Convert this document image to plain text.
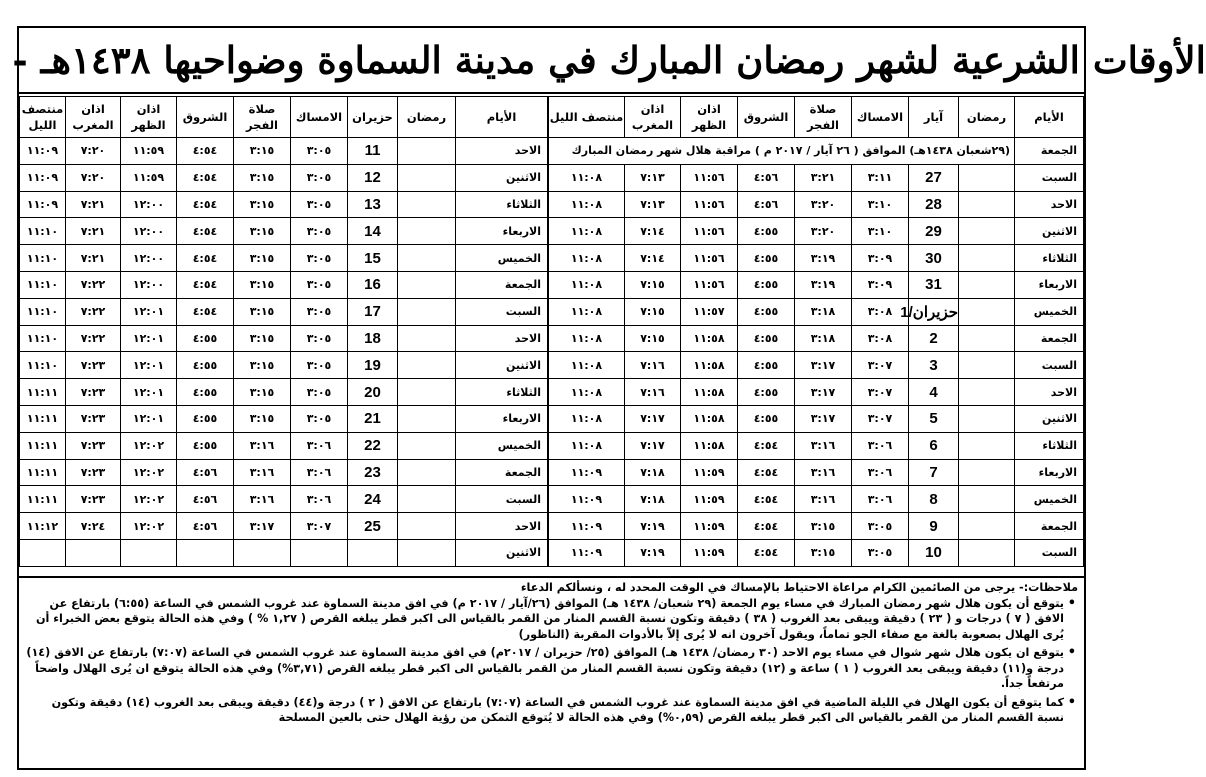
الأوقات الشرعية لشهر رمضان المبارك في مدينة السماوة وضواحيها ١٤٣٨هـ -
الأيام	رمضان	آيار	الامساك	صلاة الفجر	الشروق	اذان الظهر	اذان المغرب	منتصف الليل
الجمعة	(٢٩شعبان ١٤٣٨هـ) الموافق ( ٢٦ آيار / ٢٠١٧ م ) مراقبة هلال شهر رمضان المبارك							
السبت		27	٣:١١	٣:٢١	٤:٥٦	١١:٥٦	٧:١٣	١١:٠٨
الاحد		28	٣:١٠	٣:٢٠	٤:٥٦	١١:٥٦	٧:١٣	١١:٠٨
الاثنين		29	٣:١٠	٣:٢٠	٤:٥٥	١١:٥٦	٧:١٤	١١:٠٨
الثلاثاء		30	٣:٠٩	٣:١٩	٤:٥٥	١١:٥٦	٧:١٤	١١:٠٨
الاربعاء		31	٣:٠٩	٣:١٩	٤:٥٥	١١:٥٦	٧:١٥	١١:٠٨
الخميس		حزيران/1	٣:٠٨	٣:١٨	٤:٥٥	١١:٥٧	٧:١٥	١١:٠٨
الجمعة		2	٣:٠٨	٣:١٨	٤:٥٥	١١:٥٨	٧:١٥	١١:٠٨
السبت		3	٣:٠٧	٣:١٧	٤:٥٥	١١:٥٨	٧:١٦	١١:٠٨
الاحد		4	٣:٠٧	٣:١٧	٤:٥٥	١١:٥٨	٧:١٦	١١:٠٨
الاثنين		5	٣:٠٧	٣:١٧	٤:٥٥	١١:٥٨	٧:١٧	١١:٠٨
الثلاثاء		6	٣:٠٦	٣:١٦	٤:٥٤	١١:٥٨	٧:١٧	١١:٠٨
الاربعاء		7	٣:٠٦	٣:١٦	٤:٥٤	١١:٥٩	٧:١٨	١١:٠٩
الخميس		8	٣:٠٦	٣:١٦	٤:٥٤	١١:٥٩	٧:١٨	١١:٠٩
الجمعة		9	٣:٠٥	٣:١٥	٤:٥٤	١١:٥٩	٧:١٩	١١:٠٩
السبت		10	٣:٠٥	٣:١٥	٤:٥٤	١١:٥٩	٧:١٩	١١:٠٩
الأيام	رمضان	حزيران	الامساك	صلاة الفجر	الشروق	اذان الظهر	اذان المغرب	منتصف الليل
الاحد		11	٣:٠٥	٣:١٥	٤:٥٤	١١:٥٩	٧:٢٠	١١:٠٩
الاثنين		12	٣:٠٥	٣:١٥	٤:٥٤	١١:٥٩	٧:٢٠	١١:٠٩
الثلاثاء		13	٣:٠٥	٣:١٥	٤:٥٤	١٢:٠٠	٧:٢١	١١:٠٩
الاربعاء		14	٣:٠٥	٣:١٥	٤:٥٤	١٢:٠٠	٧:٢١	١١:١٠
الخميس		15	٣:٠٥	٣:١٥	٤:٥٤	١٢:٠٠	٧:٢١	١١:١٠
الجمعة		16	٣:٠٥	٣:١٥	٤:٥٤	١٢:٠٠	٧:٢٢	١١:١٠
السبت		17	٣:٠٥	٣:١٥	٤:٥٤	١٢:٠١	٧:٢٢	١١:١٠
الاحد		18	٣:٠٥	٣:١٥	٤:٥٥	١٢:٠١	٧:٢٢	١١:١٠
الاثنين		19	٣:٠٥	٣:١٥	٤:٥٥	١٢:٠١	٧:٢٣	١١:١٠
الثلاثاء		20	٣:٠٥	٣:١٥	٤:٥٥	١٢:٠١	٧:٢٣	١١:١١
الاربعاء		21	٣:٠٥	٣:١٥	٤:٥٥	١٢:٠١	٧:٢٣	١١:١١
الخميس		22	٣:٠٦	٣:١٦	٤:٥٥	١٢:٠٢	٧:٢٣	١١:١١
الجمعة		23	٣:٠٦	٣:١٦	٤:٥٦	١٢:٠٢	٧:٢٣	١١:١١
السبت		24	٣:٠٦	٣:١٦	٤:٥٦	١٢:٠٢	٧:٢٣	١١:١١
الاحد		25	٣:٠٧	٣:١٧	٤:٥٦	١٢:٠٢	٧:٢٤	١١:١٢
الاثنين								

ملاحظات:- يرجى من الصائمين الكرام مراعاة الاحتياط بالإمساك في الوقت المحدد له ، ونسألكم الدعاء

• يتوقع أن يكون هلال شهر رمضان المبارك في مساء يوم الجمعة (٢٩ شعبان/ ١٤٣٨ هـ) الموافق (٢٦/آيار / ٢٠١٧ م) في افق مدينة السماوة عند غروب الشمس في الساعة (٦:٥٥) بارتفاع عن الافق ( ٧ ) درجات و ( ٢٣ ) دقيقة ويبقى بعد الغروب ( ٣٨ ) دقيقة وتكون نسبة القسم المنار من القمر بالقياس الى اكبر قطر يبلغه القرص ( ١,٢٧ % ) وفي هذه الحالة يتوقع بعض الخبراء أن يُرى الهلال بصعوبة بالغة مع صفاء الجو تماماً، ويقول آخرون انه لا يُرى إلاّ بالأدوات المقربة (الناظور)
• يتوقع ان يكون هلال شهر شوال في مساء يوم الاحد (٣٠ رمضان/ ١٤٣٨ هـ) الموافق (٢٥/ حزيران / ٢٠١٧م) في افق مدينة السماوة عند غروب الشمس في الساعة (٧:٠٧) بارتفاع عن الافق (١٤) درجة و(١١) دقيقة ويبقى بعد الغروب ( ١ ) ساعة و (١٢) دقيقة وتكون نسبة القسم المنار من القمر بالقياس الى اكبر قطر يبلغه القرص (٣,٧١%) وفي هذه الحالة يتوقع ان يُرى الهلال واضحاً مرتفعاً جداً.
• كما يتوقع أن يكون الهلال في الليلة الماضية في افق مدينة السماوة عند غروب الشمس في الساعة (٧:٠٧) بارتفاع عن الافق ( ٢ ) درجة و(٤٤) دقيقة ويبقى بعد الغروب (١٤) دقيقة وتكون نسبة القسم المنار من القمر بالقياس الى اكبر قطر يبلغه القرص (٠,٥٩%) وفي هذه الحالة لا يُتوقع التمكن من رؤية الهلال حتى بالعين المسلحة
